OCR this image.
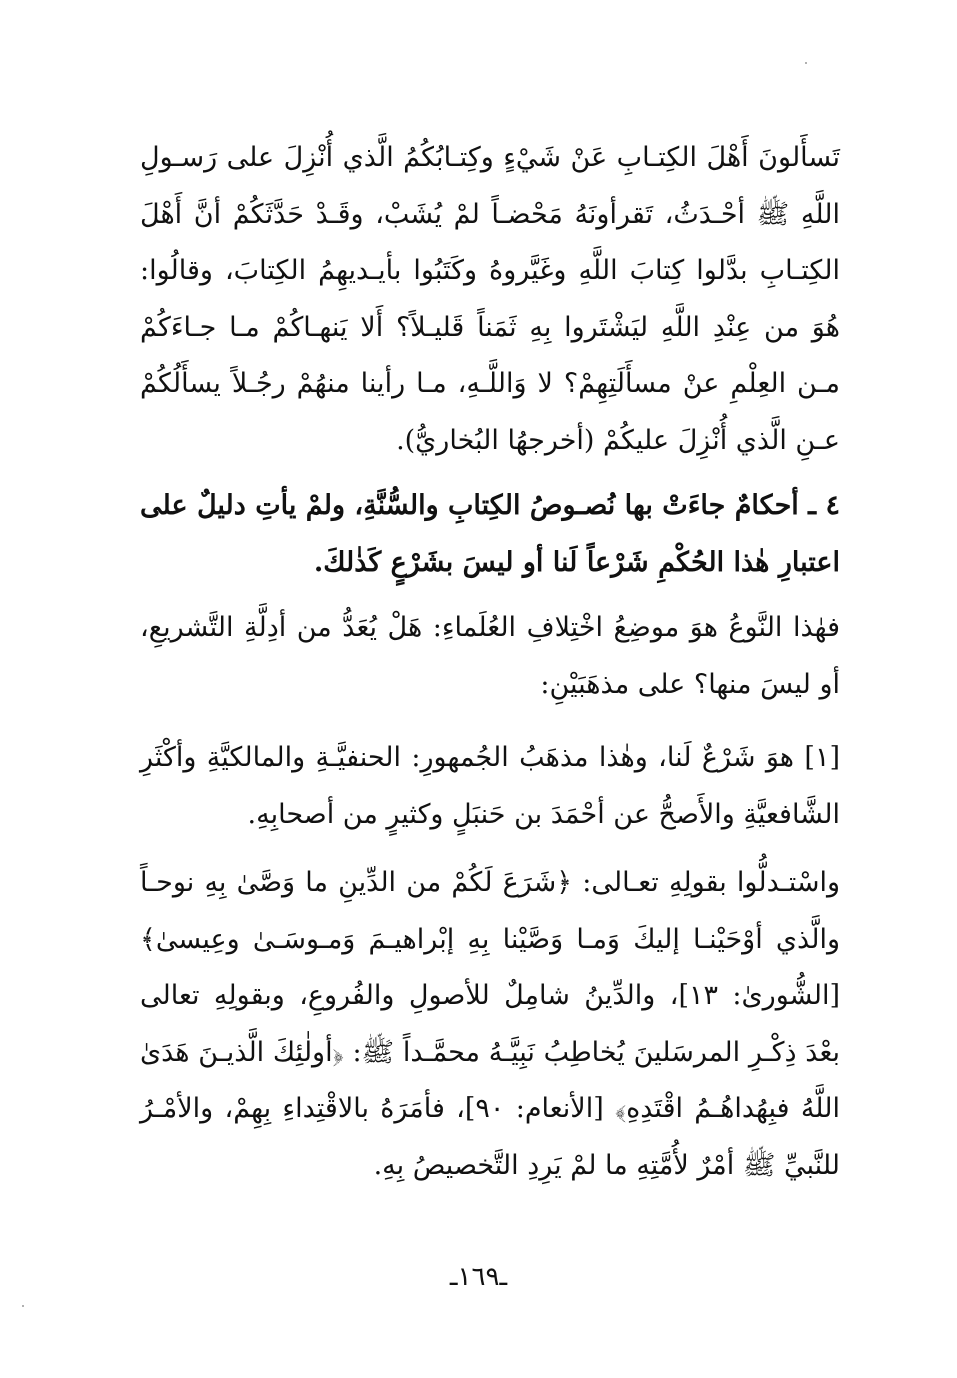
تَسأَلونَ أَهْلَ الكِتـابِ عَنْ شَيْءٍ وكِتـابُكُمُ الَّذي أُنْزِلَ على رَسـولِ اللَّهِ ﷺ أحْـدَثُ، تَقرأونَهُ مَحْضـاً لمْ يُشَبْ، وقَـدْ حَدَّثَكُمْ أنَّ أَهْلَ الكِتـابِ بدَّلوا كِتابَ اللَّهِ وغَيَّروهُ وكَتَبُوا بأيـديهِمُ الكِتابَ، وقالُوا: هُوَ من عِنْدِ اللَّهِ ليَشْتَروا بِهِ ثَمَناً قَليـلاً؟ أَلا يَنهـاكُمْ مـا جـاءَكُمْ مـن العِلْمِ عنْ مسأَلَتِهِمْ؟ لا وَاللَّـهِ، مـا رأينا منهُمْ رجُـلاً يسأَلُكُمْ عـنِ الَّذي أُنْزِلَ عليكُمْ (أخرجهُا البُخاريُّ).

٤ ـ أحكامٌ جاءَتْ بها نُصـوصُ الكِتابِ والسُّنَّةِ، ولمْ يأتِ دليلٌ على اعتبارِ هٰذا الحُكْمِ شَرْعاً لَنا أو ليسَ بشَرْعٍ كَذٰلكَ.

فهٰذا النَّوعُ هوَ موضِعُ اخْتِلافِ العُلَماءِ: هَلْ يُعَدُّ من أدِلَّةِ التَّشريعِ، أو ليسَ منها؟ على مذهَبَيْنِ:

[١] هوَ شَرْعٌ لَنا، وهٰذا مذهَبُ الجُمهورِ: الحنفيَّـةِ والمالكيَّةِ وأكْثَرِ الشَّافعيَّةِ والأَصحُّ عن أحْمَدَ بن حَنبَلٍ وكثيرٍ من أصحابِهِ.

واسْتـدلُّوا بقولِهِ تعـالى: ﴿شَرَعَ لَكُمْ من الدِّينِ ما وَصَّىٰ بِهِ نوحـاً والَّذي أوْحَيْنـا إليكَ وَمـا وَصَّيْنا بِهِ إبْراهيـمَ وَمـوسَـىٰ وعِيسىٰ﴾ [الشُّورىٰ: ١٣]، والدِّينُ شامِلٌ للأصولِ والفُروعِ، وبقولِهِ تعالى بعْدَ ذِكْـرِ المرسَلينَ يُخاطِبُ نَبِيَّـهُ محمَّـداً ﷺ: ﴿أولٰئِكَ الَّذيـنَ هَدَىٰ اللَّهُ فبِهُداهُـمُ اقْتَدِهِ﴾ [الأنعام: ٩٠]، فأمَرَهُ بالاقْتِداءِ بِهِمْ، والأمْـرُ للنَّبيِّ ﷺ أمْرٌ لأُمَّتِهِ ما لمْ يَرِدِ التَّخصيصُ بِهِ.

ـ١٦٩ـ
